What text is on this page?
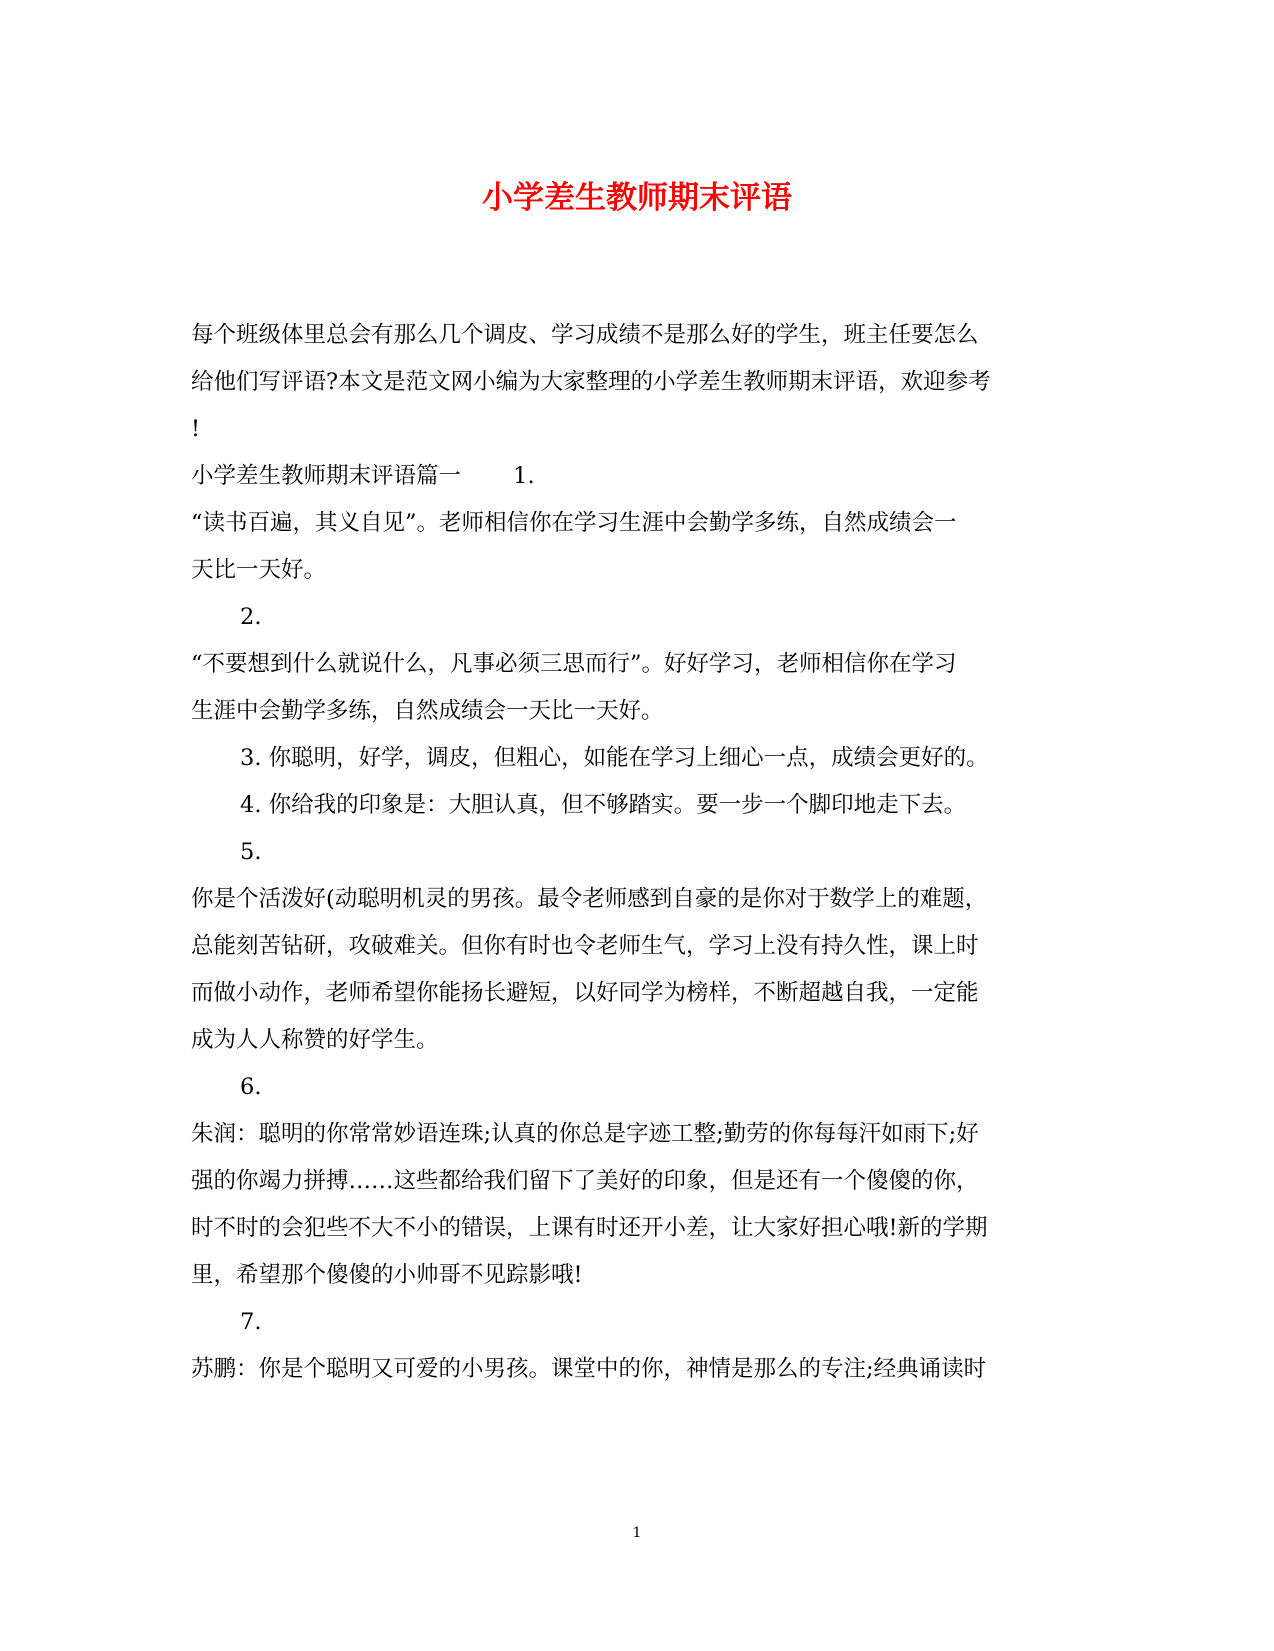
小学差生教师期末评语

每个班级体里总会有那么几个调皮、学习成绩不是那么好的学生，班主任要怎么

给他们写评语?本文是范文网小编为大家整理的小学差生教师期末评语，欢迎参考

!

小学差生教师期末评语篇一　　 1.

“读书百遍，其义自见”。老师相信你在学习生涯中会勤学多练，自然成绩会一

天比一天好。

2.

“不要想到什么就说什么，凡事必须三思而行”。好好学习，老师相信你在学习

生涯中会勤学多练，自然成绩会一天比一天好。

3. 你聪明，好学，调皮，但粗心，如能在学习上细心一点，成绩会更好的。

4. 你给我的印象是：大胆认真，但不够踏实。要一步一个脚印地走下去。

5.

你是个活泼好(动聪明机灵的男孩。最令老师感到自豪的是你对于数学上的难题，

总能刻苦钻研，攻破难关。但你有时也令老师生气，学习上没有持久性，课上时

而做小动作，老师希望你能扬长避短，以好同学为榜样，不断超越自我，一定能

成为人人称赞的好学生。

6.

朱润：聪明的你常常妙语连珠;认真的你总是字迹工整;勤劳的你每每汗如雨下;好

强的你竭力拼搏……这些都给我们留下了美好的印象，但是还有一个傻傻的你，

时不时的会犯些不大不小的错误，上课有时还开小差，让大家好担心哦!新的学期

里，希望那个傻傻的小帅哥不见踪影哦!

7.

苏鹏：你是个聪明又可爱的小男孩。课堂中的你，神情是那么的专注;经典诵读时

1
